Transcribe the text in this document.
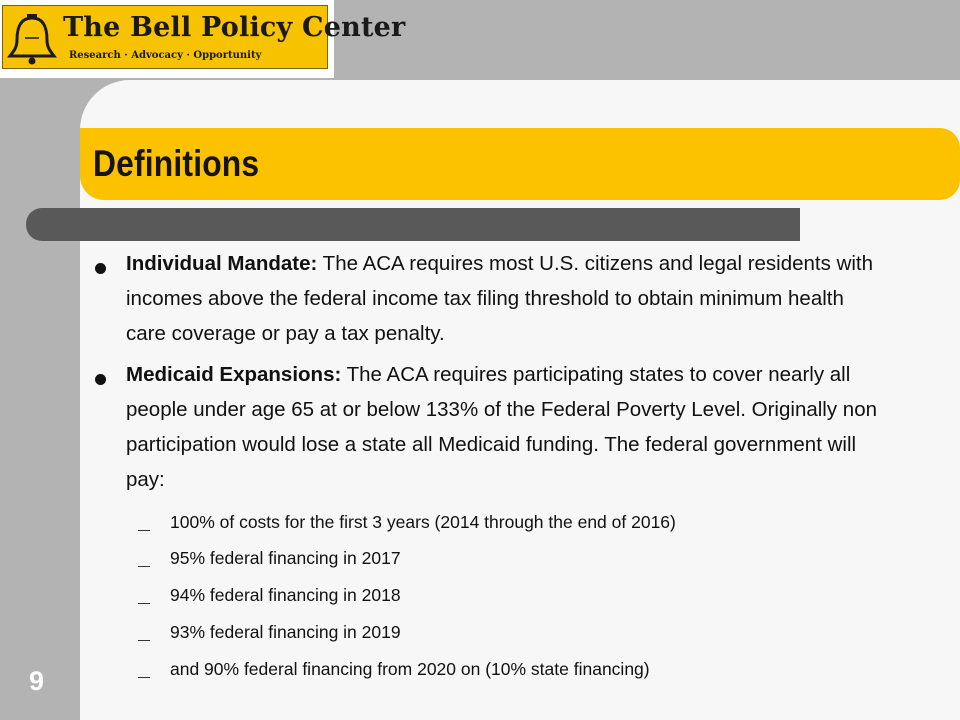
The Bell Policy Center
Research · Advocacy · Opportunity
Definitions

Individual Mandate: The ACA requires most U.S. citizens and legal residents with incomes above the federal income tax filing threshold to obtain minimum health care coverage or pay a tax penalty.

Medicaid Expansions: The ACA requires participating states to cover nearly all people under age 65 at or below 133% of the Federal Poverty Level. Originally non participation would lose a state all Medicaid funding. The federal government will pay:

100% of costs for the first 3 years (2014 through the end of 2016)
95% federal financing in 2017
94% federal financing in 2018
93% federal financing in 2019
and 90% federal financing from 2020 on (10% state financing)
9
